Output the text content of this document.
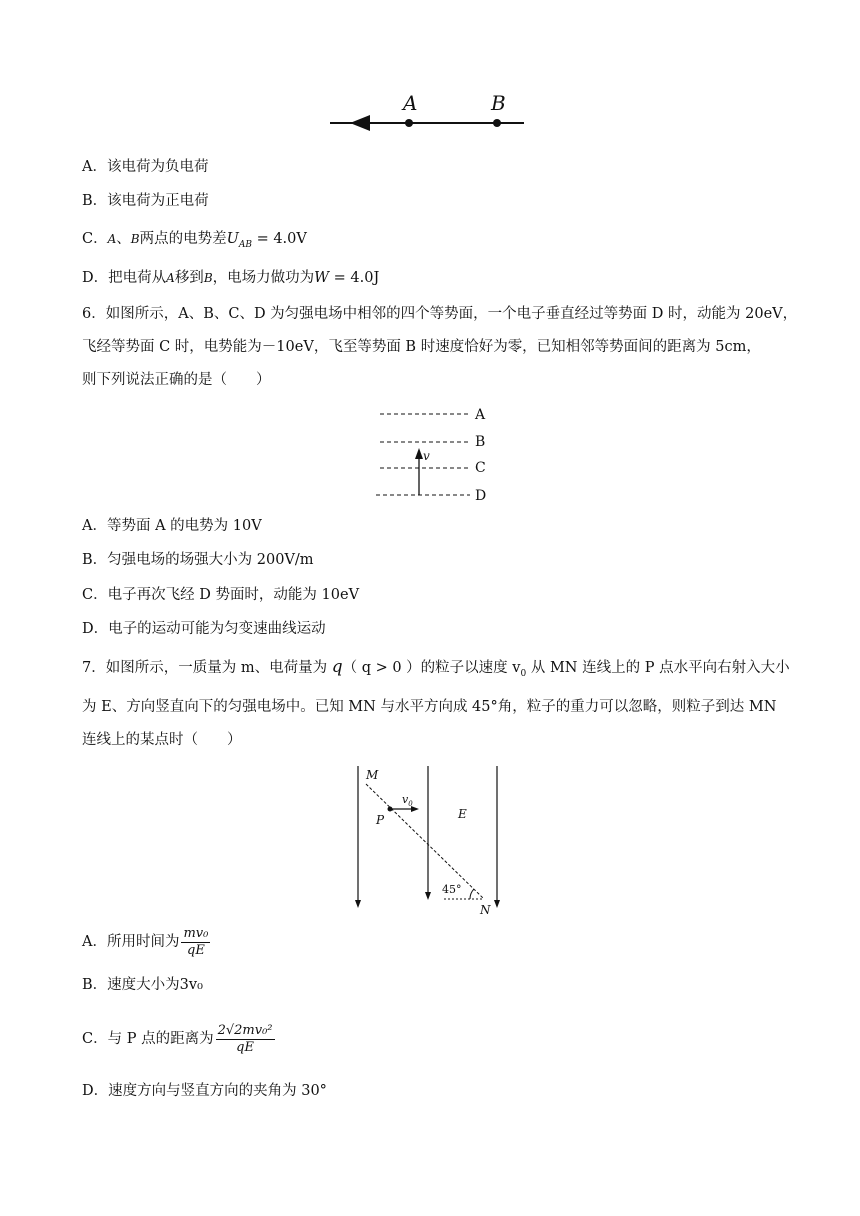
A	B
A．该电荷为负电荷
B．该电荷为正电荷
C．A、B两点的电势差$U_{AB} = 4.0V$
D．把电荷从A移到B，电场力做功为W = 4.0J
6．如图所示，A、B、C、D 为匀强电场中相邻的四个等势面，一个电子垂直经过等势面 D 时，动能为 20eV，
飞经等势面 C 时，电势能为－10eV，飞至等势面 B 时速度恰好为零，已知相邻等势面间的距离为 5cm，
则下列说法正确的是（　　）
v
A
B
C
D
A．等势面 A 的电势为 10V
B．匀强电场的场强大小为 200V/m
C．电子再次飞经 D 势面时，动能为 10eV
D．电子的运动可能为匀变速曲线运动
7．如图所示，一质量为 m、电荷量为 q（ q > 0 ）的粒子以速度 $v_0$ 从 MN 连线上的 P 点水平向右射入大小
为 E、方向竖直向下的匀强电场中。已知 MN 与水平方向成 45°角，粒子的重力可以忽略，则粒子到达 MN
连线上的某点时（　　）
M
P
$v_0$
E
45°
N
A．所用时间为 $\frac{\text{mv₀}}{qE}$
B．速度大小为3v₀
C．与 P 点的距离为 $\frac{\text{2√2mv₀²}}{qE}$
D．速度方向与竖直方向的夹角为 30°
